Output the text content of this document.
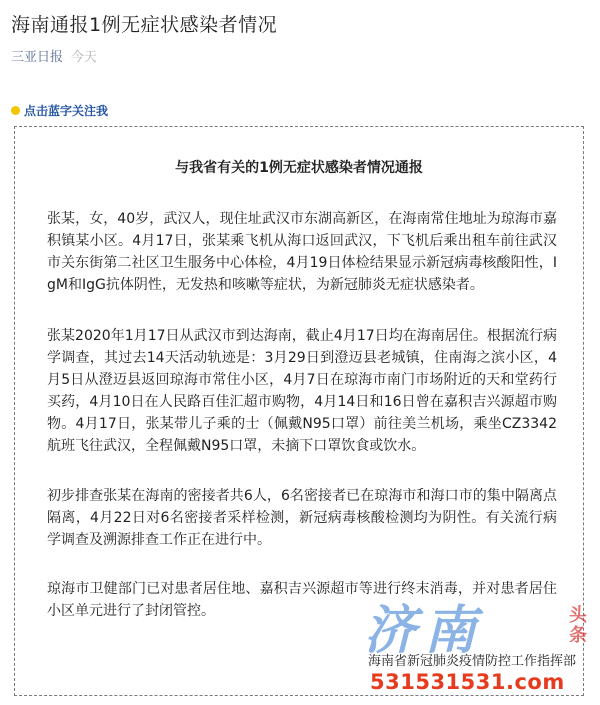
海南通报1例无症状感染者情况
三亚日报 今天
点击蓝字关注我
与我省有关的1例无症状感染者情况通报
张某，女，40岁，武汉人，现住址武汉市东湖高新区，在海南常住地址为琼海市嘉积镇某小区。4月17日，张某乘飞机从海口返回武汉，下飞机后乘出租车前往武汉市关东街第二社区卫生服务中心体检，4月19日体检结果显示新冠病毒核酸阳性，IgM和IgG抗体阴性，无发热和咳嗽等症状，为新冠肺炎无症状感染者。
张某2020年1月17日从武汉市到达海南，截止4月17日均在海南居住。根据流行病学调查，其过去14天活动轨迹是：3月29日到澄迈县老城镇，住南海之滨小区，4月5日从澄迈县返回琼海市常住小区，4月7日在琼海市南门市场附近的天和堂药行买药，4月10日在人民路百佳汇超市购物，4月14日和16日曾在嘉积吉兴源超市购物。4月17日，张某带儿子乘的士（佩戴N95口罩）前往美兰机场，乘坐CZ3342航班飞往武汉，全程佩戴N95口罩，未摘下口罩饮食或饮水。
初步排查张某在海南的密接者共6人，6名密接者已在琼海市和海口市的集中隔离点隔离，4月22日对6名密接者采样检测，新冠病毒核酸检测均为阴性。有关流行病学调查及溯源排查工作正在进行中。
琼海市卫健部门已对患者居住地、嘉积吉兴源超市等进行终末消毒，并对患者居住小区单元进行了封闭管控。
海南省新冠肺炎疫情防控工作指挥部
济南	头条
531531531.com
